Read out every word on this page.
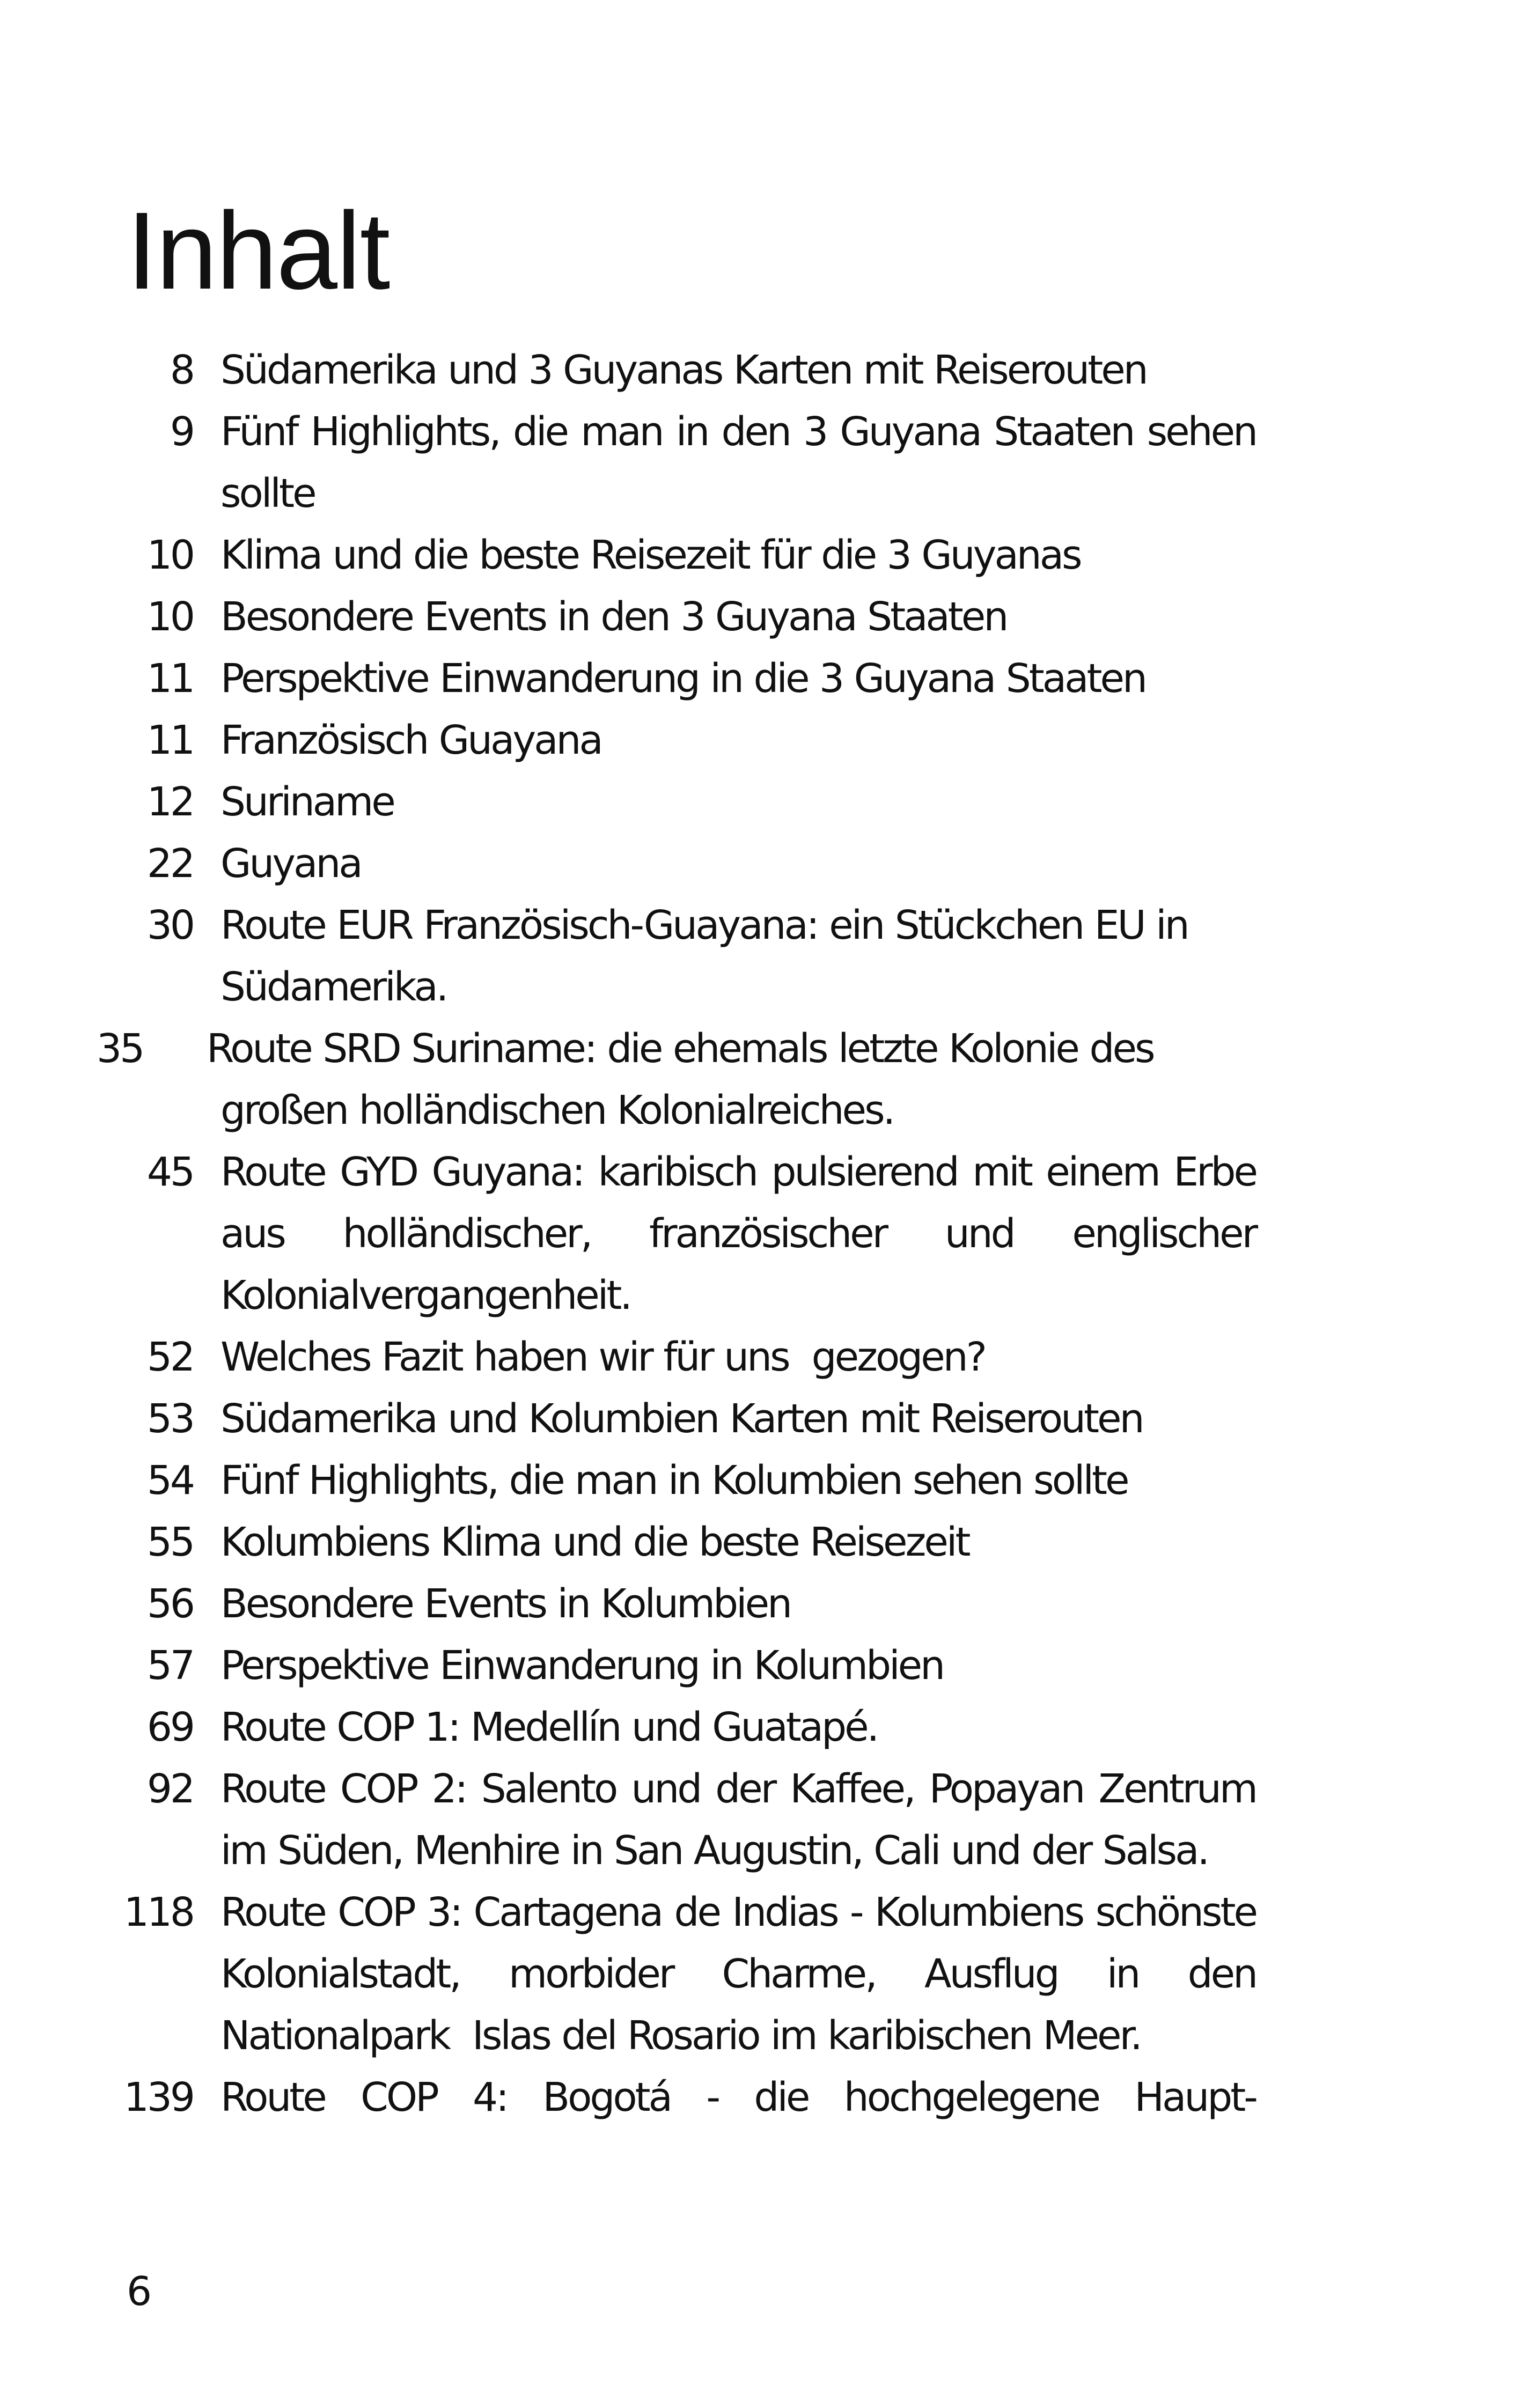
Inhalt
8 Südamerika und 3 Guyanas Karten mit Reiserouten
9 Fünf Highlights, die man in den 3 Guyana Staaten sehen sollte
10 Klima und die beste Reisezeit für die 3 Guyanas
10 Besondere Events in den 3 Guyana Staaten
11 Perspektive Einwanderung in die 3 Guyana Staaten
11 Französisch Guayana
12 Suriname
22 Guyana
30 Route EUR Französisch-Guayana: ein Stückchen EU in Südamerika.
35 Route SRD Suriname: die ehemals letzte Kolonie des
großen holländischen Kolonialreiches.
45 Route GYD Guyana: karibisch pulsierend mit einem Erbe aus holländischer, französischer und englischer Kolonialvergangenheit.
52 Welches Fazit haben wir für uns  gezogen?
53 Südamerika und Kolumbien Karten mit Reiserouten
54 Fünf Highlights, die man in Kolumbien sehen sollte
55 Kolumbiens Klima und die beste Reisezeit
56 Besondere Events in Kolumbien
57 Perspektive Einwanderung in Kolumbien
69 Route COP 1: Medellín und Guatapé.
92 Route COP 2: Salento und der Kaffee, Popayan Zentrum im Süden, Menhire in San Augustin, Cali und der Salsa.
118 Route COP 3: Cartagena de Indias - Kolumbiens schönste Kolonialstadt, morbider Charme, Ausflug in den Nationalpark  Islas del Rosario im karibischen Meer.
139 Route COP 4: Bogotá - die hochgelegene Haupt-
6
